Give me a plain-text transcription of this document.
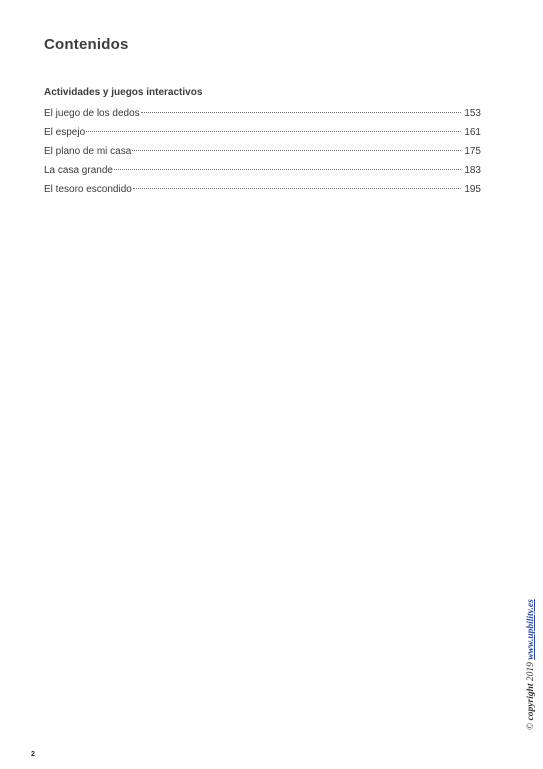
Contenidos
Actividades y juegos interactivos
El juego de los dedos	153
El espejo	161
El plano de mi casa	175
La casa grande	183
El tesoro escondido	195
© copyright 2019 www.upbility.es
2
